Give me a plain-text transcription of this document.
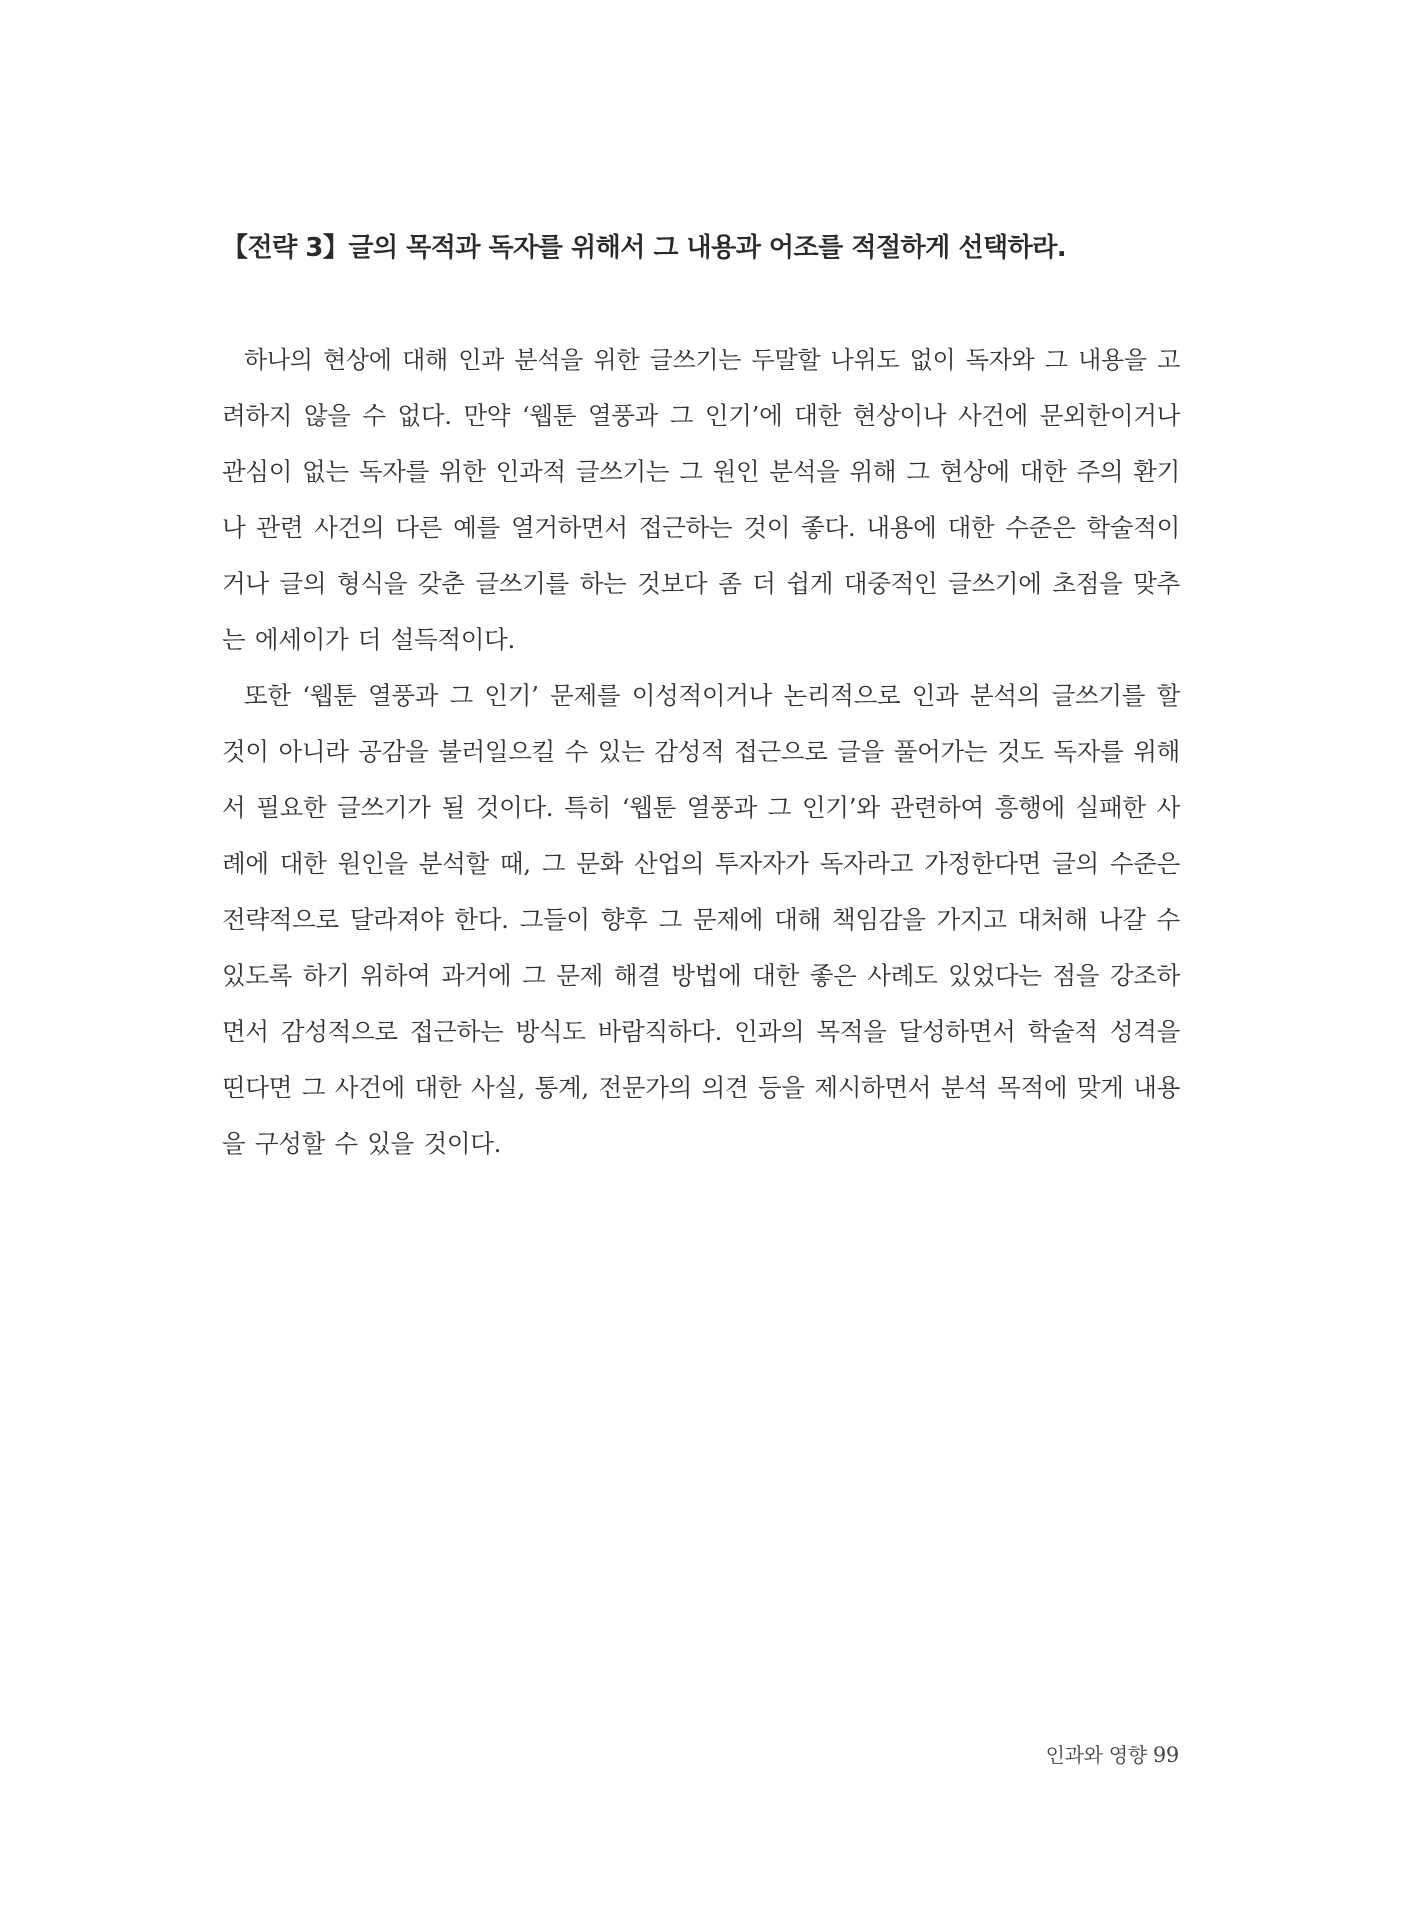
【전략 3】글의 목적과 독자를 위해서 그 내용과 어조를 적절하게 선택하라.
하나의 현상에 대해 인과 분석을 위한 글쓰기는 두말할 나위도 없이 독자와 그 내용을 고
려하지 않을 수 없다. 만약 ‘웹툰 열풍과 그 인기’에 대한 현상이나 사건에 문외한이거나
관심이 없는 독자를 위한 인과적 글쓰기는 그 원인 분석을 위해 그 현상에 대한 주의 환기
나 관련 사건의 다른 예를 열거하면서 접근하는 것이 좋다. 내용에 대한 수준은 학술적이
거나 글의 형식을 갖춘 글쓰기를 하는 것보다 좀 더 쉽게 대중적인 글쓰기에 초점을 맞추
는 에세이가 더 설득적이다.
또한 ‘웹툰 열풍과 그 인기’ 문제를 이성적이거나 논리적으로 인과 분석의 글쓰기를 할
것이 아니라 공감을 불러일으킬 수 있는 감성적 접근으로 글을 풀어가는 것도 독자를 위해
서 필요한 글쓰기가 될 것이다. 특히 ‘웹툰 열풍과 그 인기’와 관련하여 흥행에 실패한 사
례에 대한 원인을 분석할 때, 그 문화 산업의 투자자가 독자라고 가정한다면 글의 수준은
전략적으로 달라져야 한다. 그들이 향후 그 문제에 대해 책임감을 가지고 대처해 나갈 수
있도록 하기 위하여 과거에 그 문제 해결 방법에 대한 좋은 사례도 있었다는 점을 강조하
면서 감성적으로 접근하는 방식도 바람직하다. 인과의 목적을 달성하면서 학술적 성격을
띤다면 그 사건에 대한 사실, 통계, 전문가의 의견 등을 제시하면서 분석 목적에 맞게 내용
을 구성할 수 있을 것이다.
인과와 영향 99
